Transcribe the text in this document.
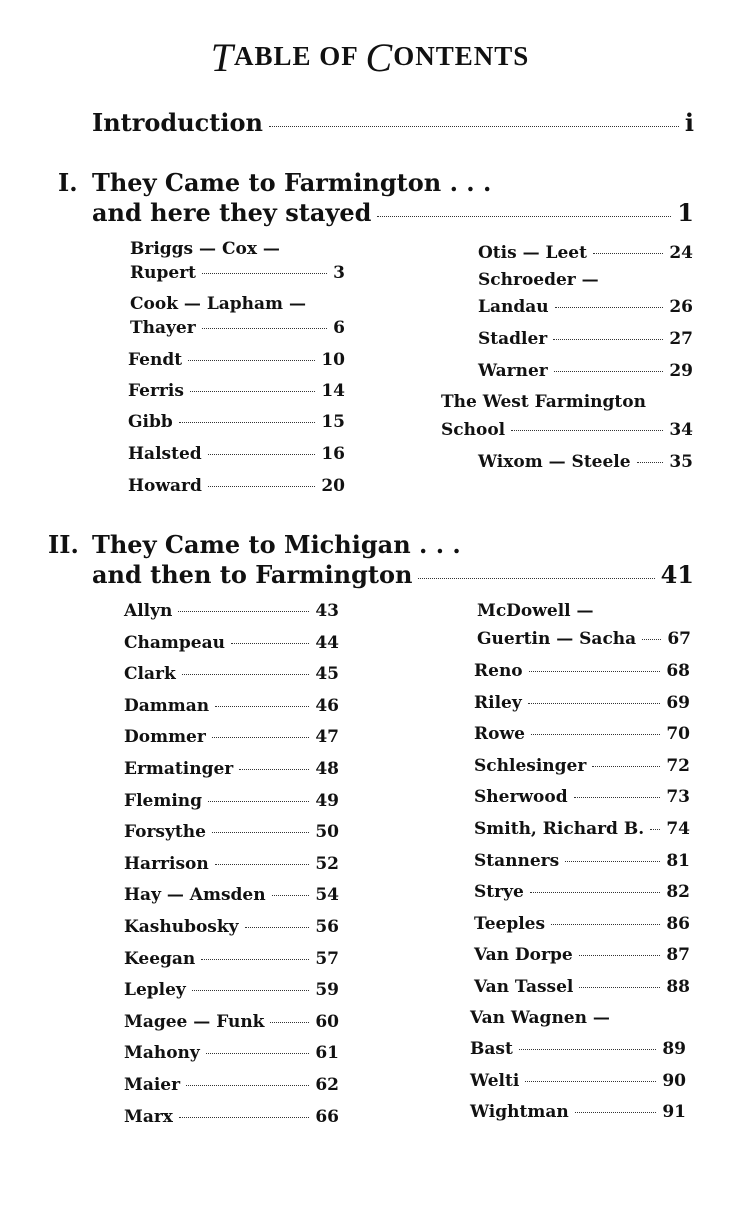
TABLE OF CONTENTS
Introduction	i
I. They Came to Farmington . . .
and here they stayed	1
Briggs — Cox —
Rupert	3
Cook — Lapham —
Thayer	6
Fendt	10
Ferris	14
Gibb	15
Halsted	16
Howard	20
Otis — Leet	24
Schroeder —
Landau	26
Stadler	27
Warner	29
The West Farmington
School	34
Wixom — Steele 35
II. They Came to Michigan . . .
and then to Farmington	41
Allyn	43
Champeau	44
Clark	45
Damman	46
Dommer	47
Ermatinger	48
Fleming	49
Forsythe	50
Harrison	52
Hay — Amsden	54
Kashubosky	56
Keegan	57
Lepley	59
Magee — Funk	60
Mahony	61
Maier	62
Marx	66
McDowell —
Guertin — Sacha 67
Reno	68
Riley	69
Rowe	70
Schlesinger	72
Sherwood	73
Smith, Richard B. 74
Stanners	81
Strye	82
Teeples	86
Van Dorpe	87
Van Tassel	88
Van Wagnen —
Bast	89
Welti	90
Wightman	91
